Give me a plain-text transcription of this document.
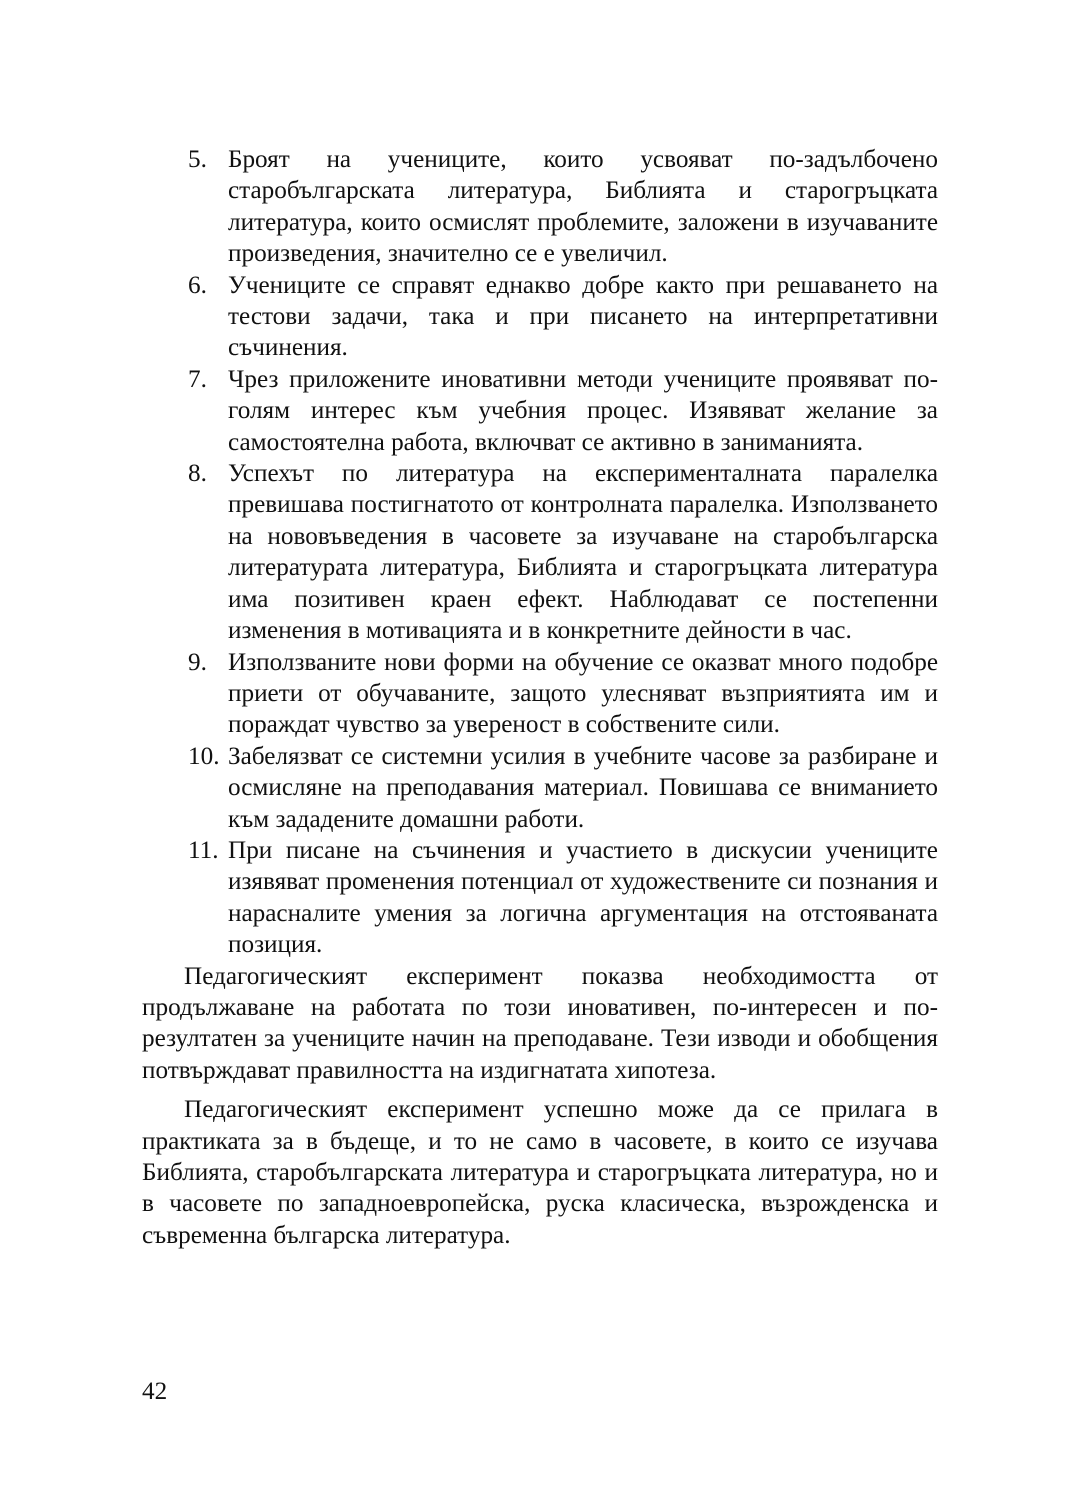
5. Броят на учениците, които усвояват по-задълбочено старобългарската литература, Библията и старогръцката литература, които осмислят проблемите, заложени в изучаваните произведения, значително се е увеличил.
6. Учениците се справят еднакво добре както при решаването на тестови задачи, така и при писането на интерпретативни съчинения.
7. Чрез приложените иновативни методи учениците проявяват по-голям интерес към учебния процес. Изявяват желание за самостоятелна работа, включват се активно в заниманията.
8. Успехът по литература на експерименталната паралелка превишава постигнатото от контролната паралелка. Използването на нововъведения в часовете за изучаване на старобългарска литературата литература, Библията и старогръцката литература има позитивен краен ефект. Наблюдават се постепенни изменения в мотивацията и в конкретните дейности в час.
9. Използваните нови форми на обучение се оказват много подобре приети от обучаваните, защото улесняват възприятията им и пораждат чувство за увереност в собствените сили.
10. Забелязват се системни усилия в учебните часове за разбиране и осмисляне на преподавания материал. Повишава се вниманието към зададените домашни работи.
11. При писане на съчинения и участието в дискусии учениците изявяват променения потенциал от художествените си познания и нарасналите умения за логична аргументация на отстояваната позиция.

Педагогическият експеримент показва необходимостта от продължаване на работата по този иновативен, по-интересен и по-резултатен за учениците начин на преподаване. Тези изводи и обобщения потвърждават правилността на издигнатата хипотеза.

Педагогическият експеримент успешно може да се прилага в практиката за в бъдеще, и то не само в часовете, в които се изучава Библията, старобългарската литература и старогръцката литература, но и в часовете по западноевропейска, руска класическа, възрожденска и съвременна българска литература.

42
